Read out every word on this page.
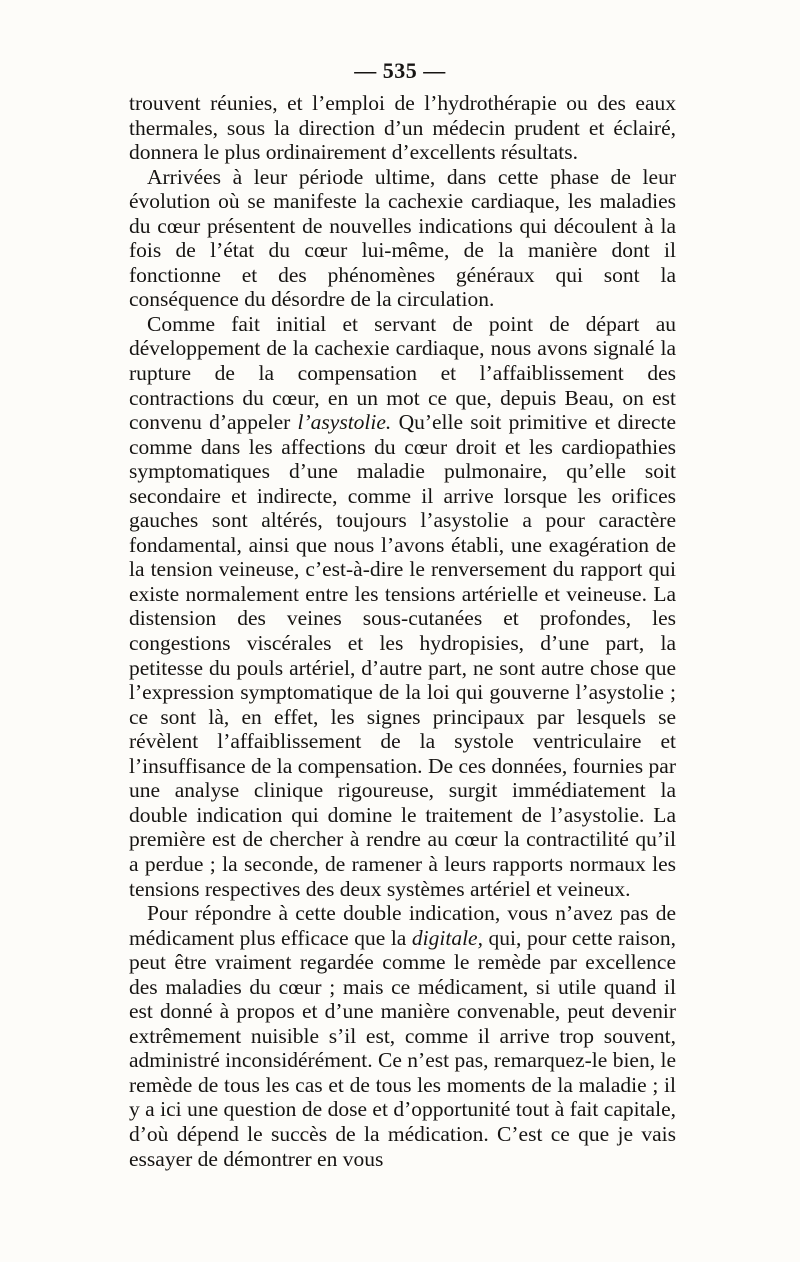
— 535 —

trouvent réunies, et l’emploi de l’hydrothérapie ou des eaux thermales, sous la direction d’un médecin prudent et éclairé, donnera le plus ordinairement d’excellents résultats.

Arrivées à leur période ultime, dans cette phase de leur évolution où se manifeste la cachexie cardiaque, les maladies du cœur présentent de nouvelles indications qui découlent à la fois de l’état du cœur lui-même, de la manière dont il fonctionne et des phénomènes généraux qui sont la conséquence du désordre de la circulation.

Comme fait initial et servant de point de départ au développement de la cachexie cardiaque, nous avons signalé la rupture de la compensation et l’affaiblissement des contractions du cœur, en un mot ce que, depuis Beau, on est convenu d’appeler l’asystolie. Qu’elle soit primitive et directe comme dans les affections du cœur droit et les cardiopathies symptomatiques d’une maladie pulmonaire, qu’elle soit secondaire et indirecte, comme il arrive lorsque les orifices gauches sont altérés, toujours l’asystolie a pour caractère fondamental, ainsi que nous l’avons établi, une exagération de la tension veineuse, c’est-à-dire le renversement du rapport qui existe normalement entre les tensions artérielle et veineuse. La distension des veines sous-cutanées et profondes, les congestions viscérales et les hydropisies, d’une part, la petitesse du pouls artériel, d’autre part, ne sont autre chose que l’expression symptomatique de la loi qui gouverne l’asystolie ; ce sont là, en effet, les signes principaux par lesquels se révèlent l’affaiblissement de la systole ventriculaire et l’insuffisance de la compensation. De ces données, fournies par une analyse clinique rigoureuse, surgit immédiatement la double indication qui domine le traitement de l’asystolie. La première est de chercher à rendre au cœur la contractilité qu’il a perdue ; la seconde, de ramener à leurs rapports normaux les tensions respectives des deux systèmes artériel et veineux.

Pour répondre à cette double indication, vous n’avez pas de médicament plus efficace que la digitale, qui, pour cette raison, peut être vraiment regardée comme le remède par excellence des maladies du cœur ; mais ce médicament, si utile quand il est donné à propos et d’une manière convenable, peut devenir extrêmement nuisible s’il est, comme il arrive trop souvent, administré inconsidérément. Ce n’est pas, remarquez-le bien, le remède de tous les cas et de tous les moments de la maladie ; il y a ici une question de dose et d’opportunité tout à fait capitale, d’où dépend le succès de la médication. C’est ce que je vais essayer de démontrer en vous
